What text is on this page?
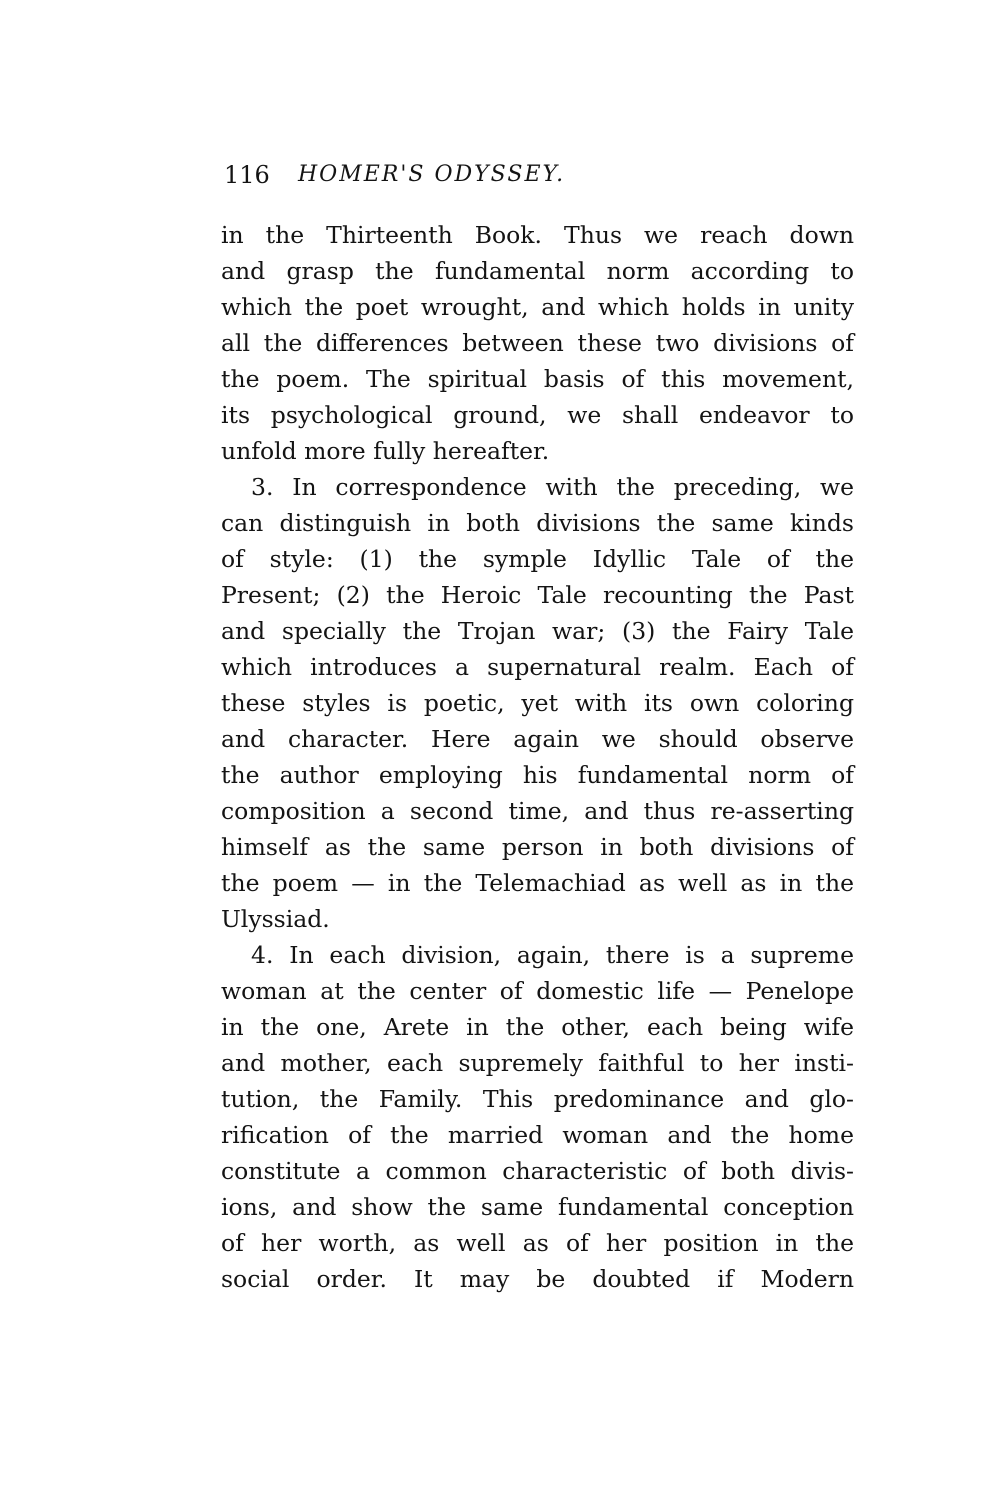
116 HOMER'S ODYSSEY.
in the Thirteenth Book. Thus we reach down
and grasp the fundamental norm according to
which the poet wrought, and which holds in unity
all the differences between these two divisions of
the poem. The spiritual basis of this movement,
its psychological ground, we shall endeavor to
unfold more fully hereafter.
3. In correspondence with the preceding, we
can distinguish in both divisions the same kinds
of style: (1) the symple Idyllic Tale of the
Present; (2) the Heroic Tale recounting the Past
and specially the Trojan war; (3) the Fairy Tale
which introduces a supernatural realm. Each of
these styles is poetic, yet with its own coloring
and character. Here again we should observe
the author employing his fundamental norm of
composition a second time, and thus re-asserting
himself as the same person in both divisions of
the poem — in the Telemachiad as well as in the
Ulyssiad.
4. In each division, again, there is a supreme
woman at the center of domestic life — Penelope
in the one, Arete in the other, each being wife
and mother, each supremely faithful to her insti-
tution, the Family. This predominance and glo-
rification of the married woman and the home
constitute a common characteristic of both divis-
ions, and show the same fundamental conception
of her worth, as well as of her position in the
social order. It may be doubted if Modern
